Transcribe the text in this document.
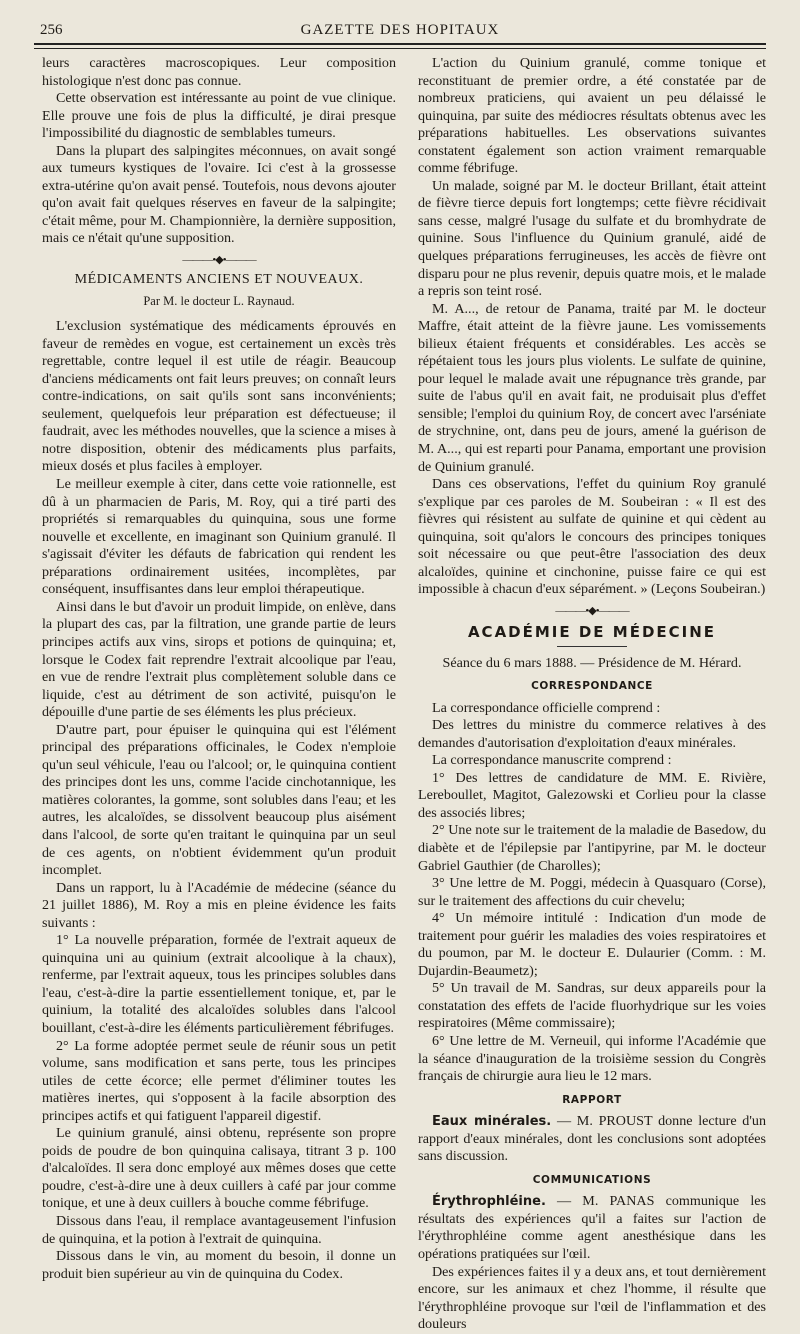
256	GAZETTE DES HOPITAUX

leurs caractères macroscopiques. Leur composition histologique n'est donc pas connue.

Cette observation est intéressante au point de vue clinique. Elle prouve une fois de plus la difficulté, je dirai presque l'impossibilité du diagnostic de semblables tumeurs.

Dans la plupart des salpingites méconnues, on avait songé aux tumeurs kystiques de l'ovaire. Ici c'est à la grossesse extra-utérine qu'on avait pensé. Toutefois, nous devons ajouter qu'on avait fait quelques réserves en faveur de la salpingite; c'était même, pour M. Championnière, la dernière supposition, mais ce n'était qu'une supposition.

———•◆•———
MÉDICAMENTS ANCIENS ET NOUVEAUX.
Par M. le docteur L. Raynaud.

L'exclusion systématique des médicaments éprouvés en faveur de remèdes en vogue, est certainement un excès très regrettable, contre lequel il est utile de réagir. Beaucoup d'anciens médicaments ont fait leurs preuves; on connaît leurs contre-indications, on sait qu'ils sont sans inconvénients; seulement, quelquefois leur préparation est défectueuse; il faudrait, avec les méthodes nouvelles, que la science a mises à notre disposition, obtenir des médicaments plus parfaits, mieux dosés et plus faciles à employer.

Le meilleur exemple à citer, dans cette voie rationnelle, est dû à un pharmacien de Paris, M. Roy, qui a tiré parti des propriétés si remarquables du quinquina, sous une forme nouvelle et excellente, en imaginant son Quinium granulé. Il s'agissait d'éviter les défauts de fabrication qui rendent les préparations ordinairement usitées, incomplètes, par conséquent, insuffisantes dans leur emploi thérapeutique.

Ainsi dans le but d'avoir un produit limpide, on enlève, dans la plupart des cas, par la filtration, une grande partie de leurs principes actifs aux vins, sirops et potions de quinquina; et, lorsque le Codex fait reprendre l'extrait alcoolique par l'eau, en vue de rendre l'extrait plus complètement soluble dans ce liquide, c'est au détriment de son activité, puisqu'on le dépouille d'une partie de ses éléments les plus précieux.

D'autre part, pour épuiser le quinquina qui est l'élément principal des préparations officinales, le Codex n'emploie qu'un seul véhicule, l'eau ou l'alcool; or, le quinquina contient des principes dont les uns, comme l'acide cinchotannique, les matières colorantes, la gomme, sont solubles dans l'eau; et les autres, les alcaloïdes, se dissolvent beaucoup plus aisément dans l'alcool, de sorte qu'en traitant le quinquina par un seul de ces agents, on n'obtient évidemment qu'un produit incomplet.

Dans un rapport, lu à l'Académie de médecine (séance du 21 juillet 1886), M. Roy a mis en pleine évidence les faits suivants :

1° La nouvelle préparation, formée de l'extrait aqueux de quinquina uni au quinium (extrait alcoolique à la chaux), renferme, par l'extrait aqueux, tous les principes solubles dans l'eau, c'est-à-dire la partie essentiellement tonique, et, par le quinium, la totalité des alcaloïdes solubles dans l'alcool bouillant, c'est-à-dire les éléments particulièrement fébrifuges.

2° La forme adoptée permet seule de réunir sous un petit volume, sans modification et sans perte, tous les principes utiles de cette écorce; elle permet d'éliminer toutes les matières inertes, qui s'opposent à la facile absorption des principes actifs et qui fatiguent l'appareil digestif.

Le quinium granulé, ainsi obtenu, représente son propre poids de poudre de bon quinquina calisaya, titrant 3 p. 100 d'alcaloïdes. Il sera donc employé aux mêmes doses que cette poudre, c'est-à-dire une à deux cuillers à café par jour comme tonique, et une à deux cuillers à bouche comme fébrifuge.

Dissous dans l'eau, il remplace avantageusement l'infusion de quinquina, et la potion à l'extrait de quinquina.

Dissous dans le vin, au moment du besoin, il donne un produit bien supérieur au vin de quinquina du Codex.

L'action du Quinium granulé, comme tonique et reconstituant de premier ordre, a été constatée par de nombreux praticiens, qui avaient un peu délaissé le quinquina, par suite des médiocres résultats obtenus avec les préparations habituelles. Les observations suivantes constatent également son action vraiment remarquable comme fébrifuge.

Un malade, soigné par M. le docteur Brillant, était atteint de fièvre tierce depuis fort longtemps; cette fièvre récidivait sans cesse, malgré l'usage du sulfate et du bromhydrate de quinine. Sous l'influence du Quinium granulé, aidé de quelques préparations ferrugineuses, les accès de fièvre ont disparu pour ne plus revenir, depuis quatre mois, et le malade a repris son teint rosé.

M. A..., de retour de Panama, traité par M. le docteur Maffre, était atteint de la fièvre jaune. Les vomissements bilieux étaient fréquents et considérables. Les accès se répétaient tous les jours plus violents. Le sulfate de quinine, pour lequel le malade avait une répugnance très grande, par suite de l'abus qu'il en avait fait, ne produisait plus d'effet sensible; l'emploi du quinium Roy, de concert avec l'arséniate de strychnine, ont, dans peu de jours, amené la guérison de M. A..., qui est reparti pour Panama, emportant une provision de Quinium granulé.

Dans ces observations, l'effet du quinium Roy granulé s'explique par ces paroles de M. Soubeiran : « Il est des fièvres qui résistent au sulfate de quinine et qui cèdent au quinquina, soit qu'alors le concours des principes toniques soit nécessaire ou que peut-être l'association des deux alcaloïdes, quinine et cinchonine, puisse faire ce qui est impossible à chacun d'eux séparément. » (Leçons Soubeiran.)

———•◆•———
ACADÉMIE DE MÉDECINE
Séance du 6 mars 1888. — Présidence de M. Hérard.
CORRESPONDANCE

La correspondance officielle comprend :

Des lettres du ministre du commerce relatives à des demandes d'autorisation d'exploitation d'eaux minérales.

La correspondance manuscrite comprend :

1° Des lettres de candidature de MM. E. Rivière, Lereboullet, Magitot, Galezowski et Corlieu pour la classe des associés libres;

2° Une note sur le traitement de la maladie de Basedow, du diabète et de l'épilepsie par l'antipyrine, par M. le docteur Gabriel Gauthier (de Charolles);

3° Une lettre de M. Poggi, médecin à Quasquaro (Corse), sur le traitement des affections du cuir chevelu;

4° Un mémoire intitulé : Indication d'un mode de traitement pour guérir les maladies des voies respiratoires et du poumon, par M. le docteur E. Dulaurier (Comm. : M. Dujardin-Beaumetz);

5° Un travail de M. Sandras, sur deux appareils pour la constatation des effets de l'acide fluorhydrique sur les voies respiratoires (Même commissaire);

6° Une lettre de M. Verneuil, qui informe l'Académie que la séance d'inauguration de la troisième session du Congrès français de chirurgie aura lieu le 12 mars.

RAPPORT

Eaux minérales. — M. PROUST donne lecture d'un rapport d'eaux minérales, dont les conclusions sont adoptées sans discussion.

COMMUNICATIONS

Érythrophléine. — M. PANAS communique les résultats des expériences qu'il a faites sur l'action de l'érythrophléine comme agent anesthésique dans les opérations pratiquées sur l'œil.

Des expériences faites il y a deux ans, et tout dernièrement encore, sur les animaux et chez l'homme, il résulte que l'érythrophléine provoque sur l'œil de l'inflammation et des douleurs
